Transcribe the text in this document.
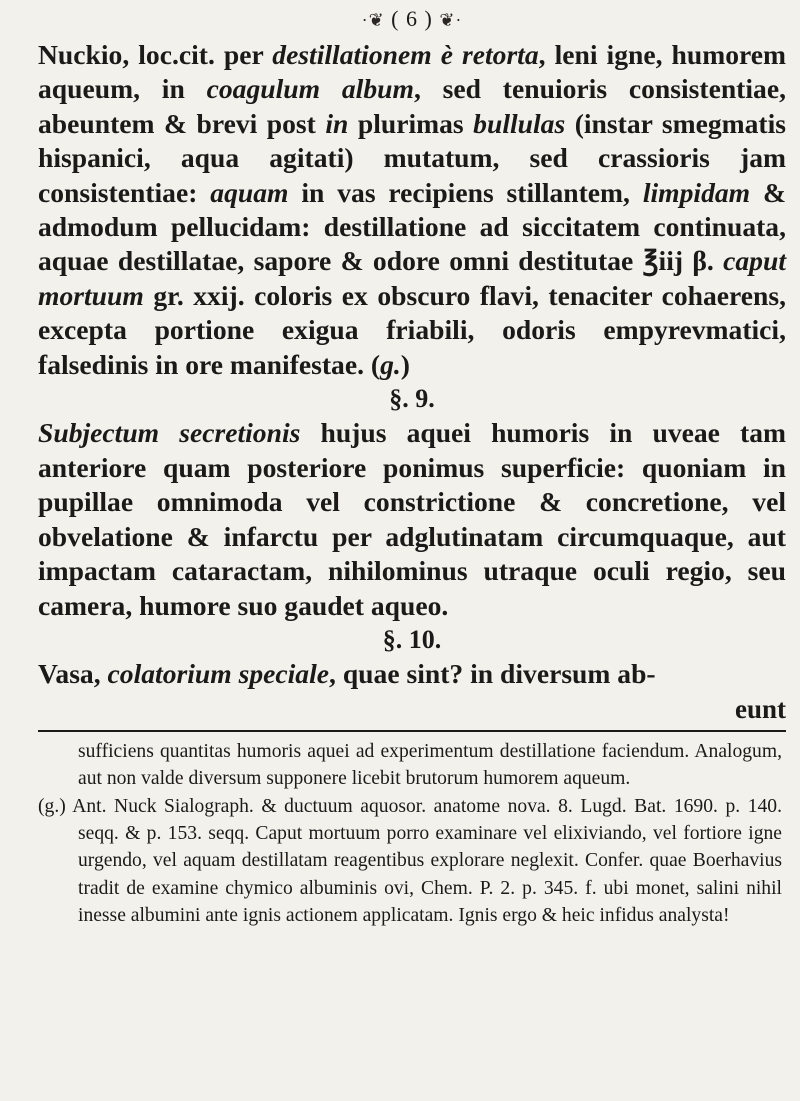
·❦ ( 6 ) ❦·

Nuckio, loc.cit. per destillationem è retorta, leni igne, humorem aqueum, in coagulum album, sed tenuioris consistentiae, abeuntem & brevi post in plurimas bullulas (instar smegmatis hispanici, aqua agitati) mutatum, sed crassioris jam consistentiae: aquam in vas recipiens stillantem, limpidam & admodum pellucidam: destillatione ad siccitatem continuata, aquae destillatae, sapore & odore omni destitutae ℥iij β. caput mortuum gr. xxij. coloris ex obscuro flavi, tenaciter cohaerens, excepta portione exigua friabili, odoris empyrevmatici, falsedinis in ore manifestae. (g.)

§. 9.

Subjectum secretionis hujus aquei humoris in uveae tam anteriore quam posteriore ponimus superficie: quoniam in pupillae omnimoda vel constrictione & concretione, vel obvelatione & infarctu per adglutinatam circumquaque, aut impactam cataractam, nihilominus utraque oculi regio, seu camera, humore suo gaudet aqueo.

§. 10.

Vasa, colatorium speciale, quae sint? in diversum ab-

eunt

sufficiens quantitas humoris aquei ad experimentum destillatione faciendum. Analogum, aut non valde diversum supponere licebit brutorum humorem aqueum.

(g.) Ant. Nuck Sialograph. & ductuum aquosor. anatome nova. 8. Lugd. Bat. 1690. p. 140. seqq. & p. 153. seqq. Caput mortuum porro examinare vel elixiviando, vel fortiore igne urgendo, vel aquam destillatam reagentibus explorare neglexit. Confer. quae Boerhavius tradit de examine chymico albuminis ovi, Chem. P. 2. p. 345. f. ubi monet, salini nihil inesse albumini ante ignis actionem applicatam. Ignis ergo & heic infidus analysta!
